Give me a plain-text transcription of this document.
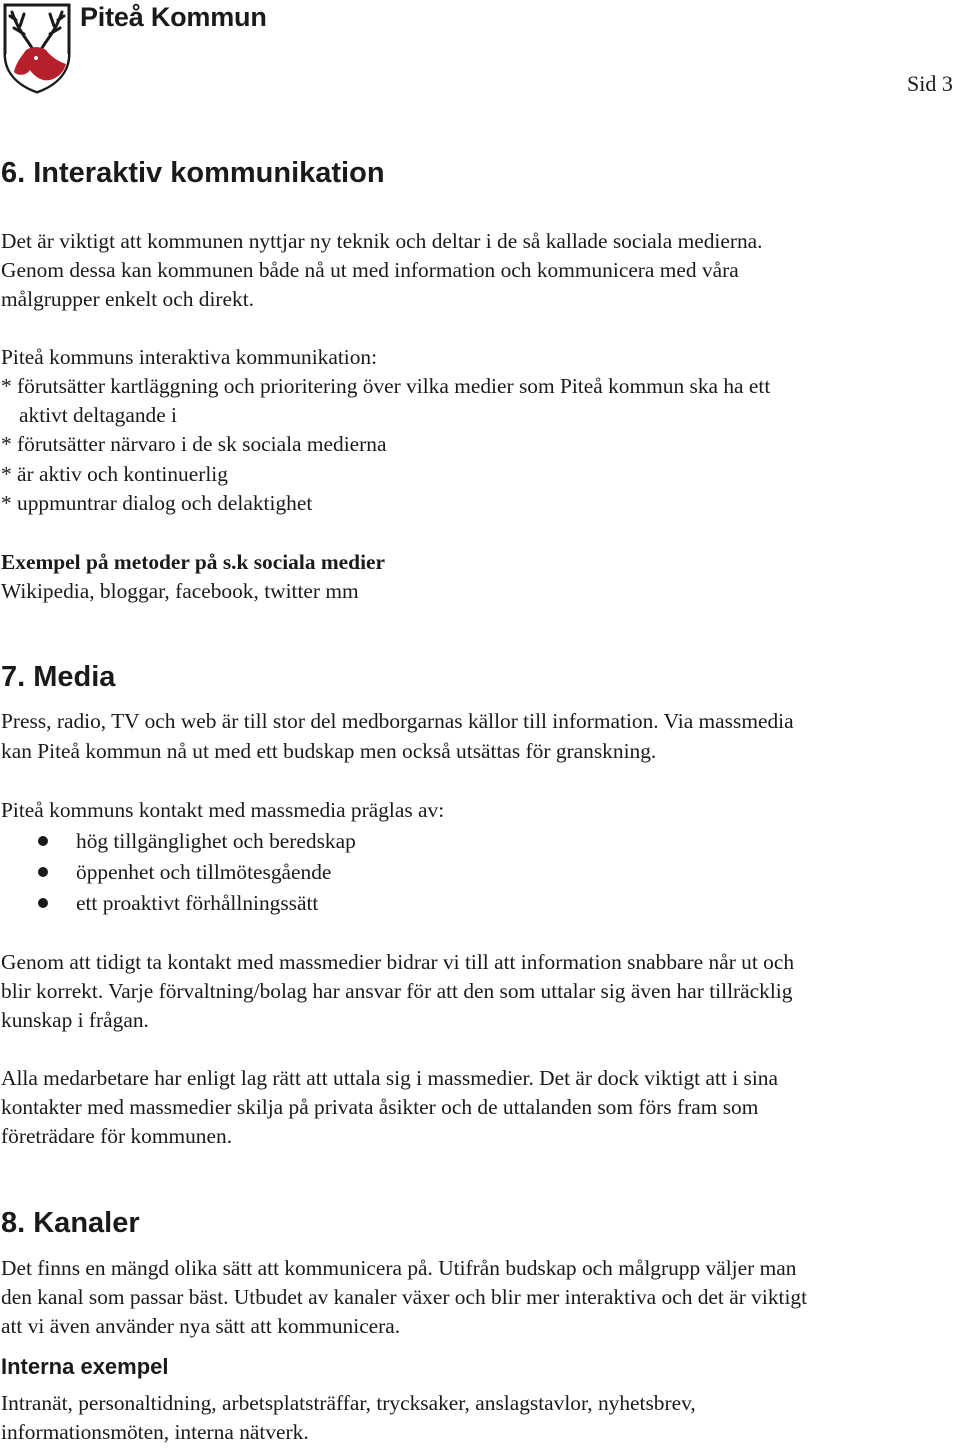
Piteå Kommun
Sid 3
6. Interaktiv kommunikation
Det är viktigt att kommunen nyttjar ny teknik och deltar i de så kallade sociala medierna.
Genom dessa kan kommunen både nå ut med information och kommunicera med våra
målgrupper enkelt och direkt.
Piteå kommuns interaktiva kommunikation:
* förutsätter kartläggning och prioritering över vilka medier som Piteå kommun ska ha ett
aktivt deltagande i
* förutsätter närvaro i de sk sociala medierna
* är aktiv och kontinuerlig
* uppmuntrar dialog och delaktighet
Exempel på metoder på s.k sociala medier
Wikipedia, bloggar, facebook, twitter mm
7. Media
Press, radio, TV och web är till stor del medborgarnas källor till information. Via massmedia
kan Piteå kommun nå ut med ett budskap men också utsättas för granskning.
Piteå kommuns kontakt med massmedia präglas av:
hög tillgänglighet och beredskap
öppenhet och tillmötesgående
ett proaktivt förhållningssätt
Genom att tidigt ta kontakt med massmedier bidrar vi till att information snabbare når ut och
blir korrekt. Varje förvaltning/bolag har ansvar för att den som uttalar sig även har tillräcklig
kunskap i frågan.
Alla medarbetare har enligt lag rätt att uttala sig i massmedier. Det är dock viktigt att i sina
kontakter med massmedier skilja på privata åsikter och de uttalanden som förs fram som
företrädare för kommunen.
8. Kanaler
Det finns en mängd olika sätt att kommunicera på. Utifrån budskap och målgrupp väljer man
den kanal som passar bäst. Utbudet av kanaler växer och blir mer interaktiva och det är viktigt
att vi även använder nya sätt att kommunicera.
Interna exempel
Intranät, personaltidning, arbetsplatsträffar, trycksaker, anslagstavlor, nyhetsbrev,
informationsmöten, interna nätverk.
